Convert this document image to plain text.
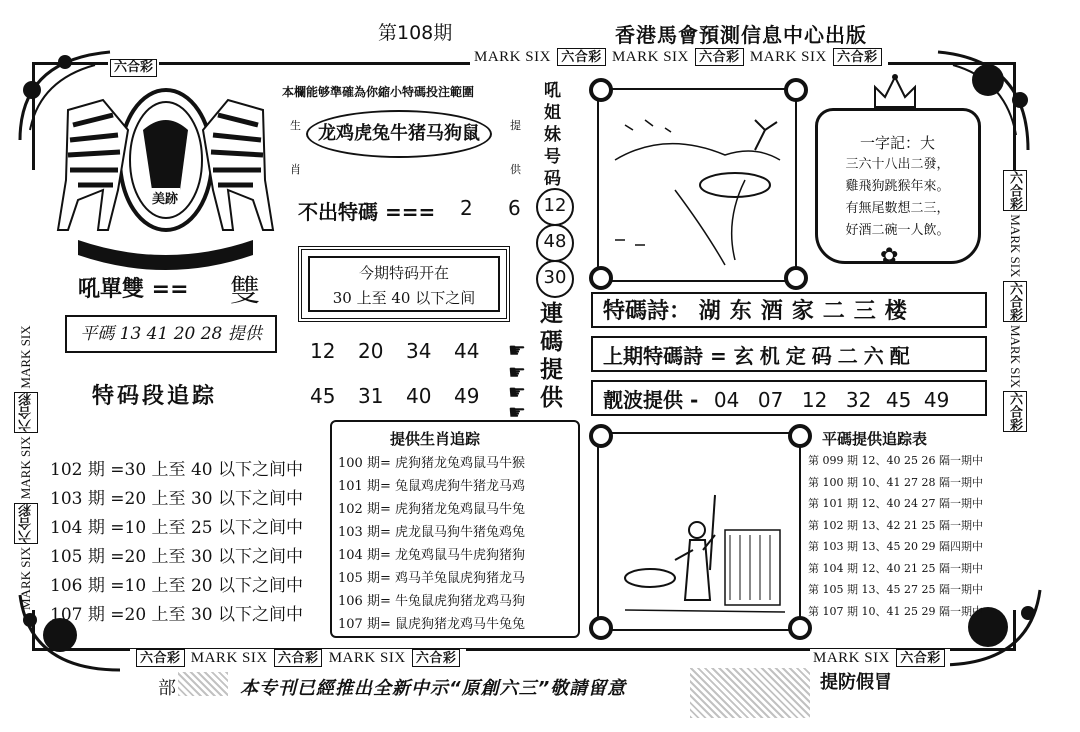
第108期	香港馬會預測信息中心出版
MARK SIX 六合彩 MARK SIX 六合彩 MARK SIX 六合彩
六合彩
MARK SIX 六合彩 MARK SIX 六合彩 MARK SIX
六合彩 MARK SIX 六合彩 MARK SIX 六合彩
美跡
吼單雙 == 雙
平碼 13 41 20 28 提供
特码段追踪
102 期 =30 上至 40 以下之间中
103 期 =20 上至 30 以下之间中
104 期 =10 上至 25 以下之间中
105 期 =20 上至 30 以下之间中
106 期 =10 上至 20 以下之间中
107 期 =20 上至 30 以下之间中
本欄能够準確為你縮小特碼投注範圍
生 肖
提 供
龙鸡虎兔牛猪马狗鼠
不出特碼 === 2 6
今期特码开在
30 上至 40 以下之间
12 20 34 44
45 31 40 49
吼姐妹号码
12
48
30
☛
☛
☛
☛
連碼提供
一字記：大
三六十八出二發，
雞飛狗跳猴年來。
有無尾數想二三，
好酒二碗一人飲。
✿
特碼詩： 湖东酒家二三楼
上期特碼詩 = 玄机定码二六配
靓波提供 - 04 07 12 32 45 49
提供生肖追踪
100 期= 虎狗猪龙兔鸡鼠马牛猴
101 期= 兔鼠鸡虎狗牛猪龙马鸡
102 期= 虎狗猪龙兔鸡鼠马牛兔
103 期= 虎龙鼠马狗牛猪兔鸡兔
104 期= 龙兔鸡鼠马牛虎狗猪狗
105 期= 鸡马羊兔鼠虎狗猪龙马
106 期= 牛兔鼠虎狗猪龙鸡马狗
107 期= 鼠虎狗猪龙鸡马牛兔兔
平碼提供追踪表
第 099 期 12、40 25 26 隔一期中
第 100 期 10、41 27 28 隔一期中
第 101 期 12、40 24 27 隔一期中
第 102 期 13、42 21 25 隔一期中
第 103 期 13、45 20 29 隔四期中
第 104 期 12、40 21 25 隔一期中
第 105 期 13、45 27 25 隔一期中
第 107 期 10、41 25 29 隔一期中
六合彩 MARK SIX 六合彩 MARK SIX 六合彩	MARK SIX 六合彩
部	本专刊已經推出全新中示“原創六三”敬請留意	提防假冒
